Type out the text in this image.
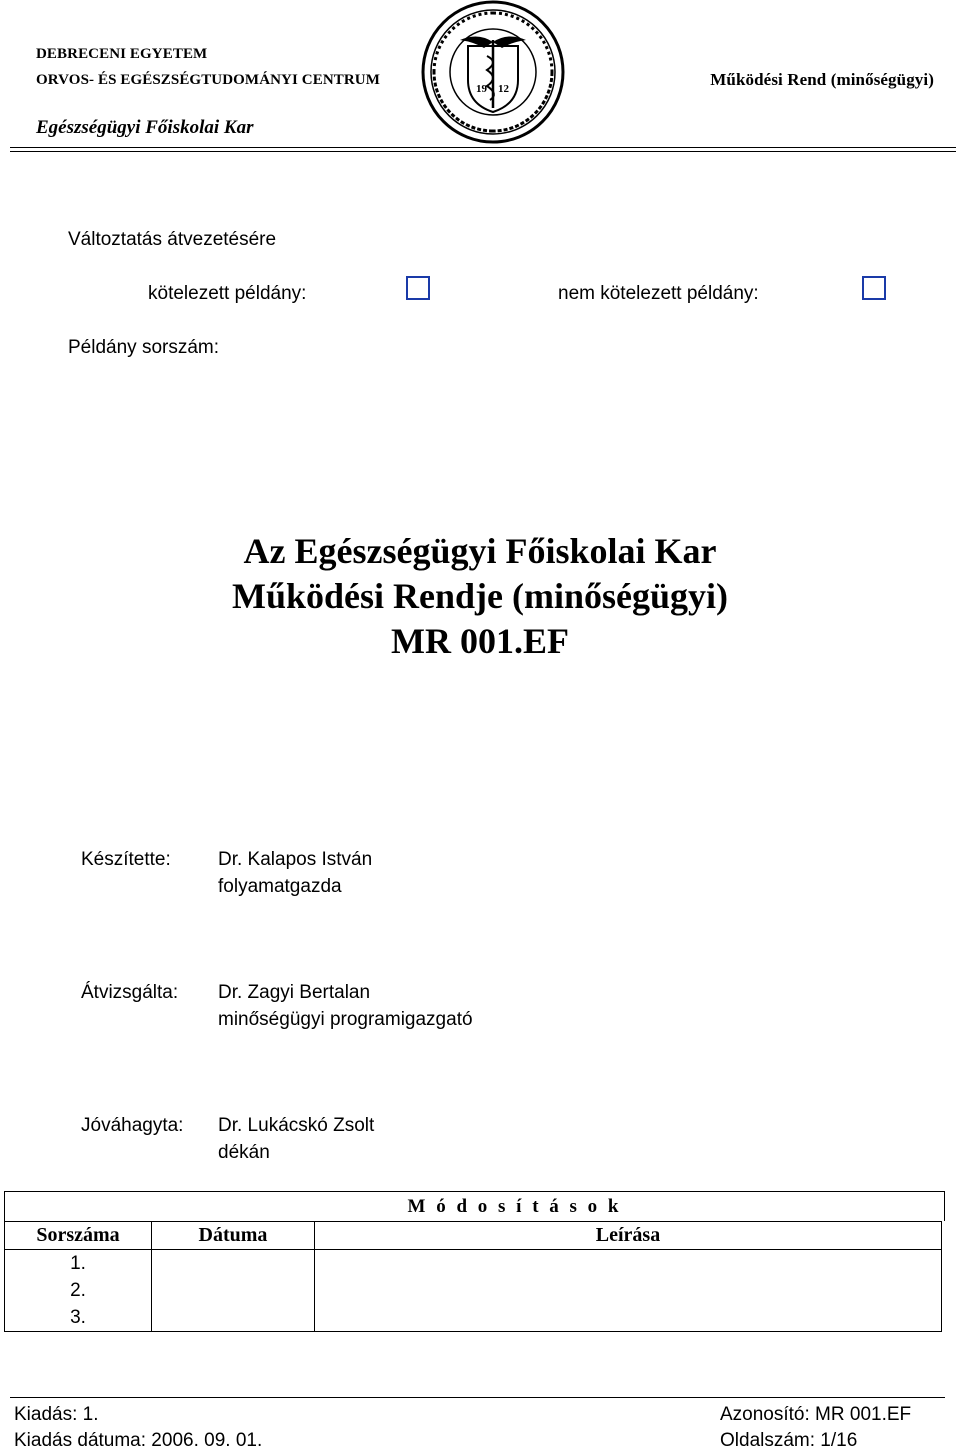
DEBRECENI EGYETEM
ORVOS- ÉS EGÉSZSÉGTUDOMÁNYI CENTRUM
Egészségügyi Főiskolai Kar
Működési Rend (minőségügyi)
19 12
Változtatás átvezetésére
kötelezett példány:	nem kötelezett példány:
Példány sorszám:
Az Egészségügyi Főiskolai Kar
Működési Rendje (minőségügyi)
MR 001.EF
Készítette: Dr. Kalapos István
folyamatgazda
Átvizsgálta: Dr. Zagyi Bertalan
minőségügyi programigazgató
Jóváhagyta: Dr. Lukácskó Zsolt
dékán
M ó d o s í t á s o k
Sorszáma	Dátuma	Leírása
1.		
2.		
3.		
Kiadás: 1.
Kiadás dátuma: 2006. 09. 01.
Azonosító: MR 001.EF
Oldalszám: 1/16
